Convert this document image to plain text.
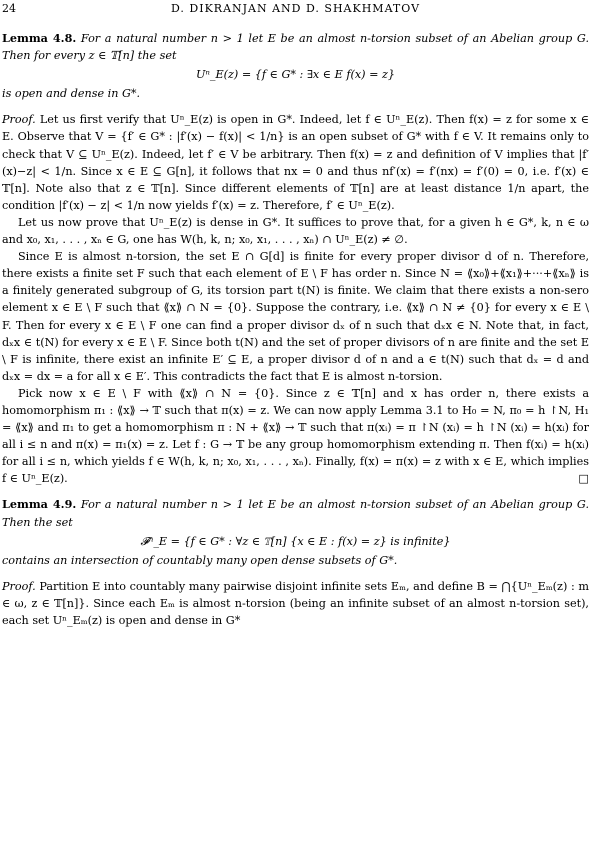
24	D. DIKRANJAN AND D. SHAKHMATOV

Lemma 4.8. For a natural number n > 1 let E be an almost n-torsion subset of an Abelian group G. Then for every z ∈ 𝕋[n] the set

Uⁿ_E(z) = {f ∈ G* : ∃x ∈ E f(x) = z}

is open and dense in G*.

Proof. Let us first verify that Uⁿ_E(z) is open in G*. Indeed, let f ∈ Uⁿ_E(z). Then f(x) = z for some x ∈ E. Observe that V = {f′ ∈ G* : |f′(x) − f(x)| < 1/n} is an open subset of G* with f ∈ V. It remains only to check that V ⊆ Uⁿ_E(z). Indeed, let f′ ∈ V be arbitrary. Then f(x) = z and definition of V implies that |f′(x)−z| < 1/n. Since x ∈ E ⊆ G[n], it follows that nx = 0 and thus nf′(x) = f′(nx) = f′(0) = 0, i.e. f′(x) ∈ 𝕋[n]. Note also that z ∈ 𝕋[n]. Since different elements of 𝕋[n] are at least distance 1/n apart, the condition |f′(x) − z| < 1/n now yields f′(x) = z. Therefore, f′ ∈ Uⁿ_E(z).

Let us now prove that Uⁿ_E(z) is dense in G*. It suffices to prove that, for a given h ∈ G*, k, n ∈ ω and x₀, x₁, . . . , xₙ ∈ G, one has W(h, k, n; x₀, x₁, . . . , xₙ) ∩ Uⁿ_E(z) ≠ ∅.

Since E is almost n-torsion, the set E ∩ G[d] is finite for every proper divisor d of n. Therefore, there exists a finite set F such that each element of E \ F has order n. Since N = ⟪x₀⟫+⟪x₁⟫+···+⟪xₙ⟫ is a finitely generated subgroup of G, its torsion part t(N) is finite. We claim that there exists a non-sero element x ∈ E \ F such that ⟪x⟫ ∩ N = {0}. Suppose the contrary, i.e. ⟪x⟫ ∩ N ≠ {0} for every x ∈ E \ F. Then for every x ∈ E \ F one can find a proper divisor dₓ of n such that dₓx ∈ N. Note that, in fact, dₓx ∈ t(N) for every x ∈ E \ F. Since both t(N) and the set of proper divisors of n are finite and the set E \ F is infinite, there exist an infinite E′ ⊆ E, a proper divisor d of n and a ∈ t(N) such that dₓ = d and dₓx = dx = a for all x ∈ E′. This contradicts the fact that E is almost n-torsion.

Pick now x ∈ E \ F with ⟪x⟫ ∩ N = {0}. Since z ∈ 𝕋[n] and x has order n, there exists a homomorphism π₁ : ⟪x⟫ → 𝕋 such that π(x) = z. We can now apply Lemma 3.1 to H₀ = N, π₀ = h ↾N, H₁ = ⟪x⟫ and π₁ to get a homomorphism π : N + ⟪x⟫ → 𝕋 such that π(xᵢ) = π ↾N (xᵢ) = h ↾N (xᵢ) = h(xᵢ) for all i ≤ n and π(x) = π₁(x) = z. Let f : G → 𝕋 be any group homomorphism extending π. Then f(xᵢ) = h(xᵢ) for all i ≤ n, which yields f ∈ W(h, k, n; x₀, x₁, . . . , xₙ). Finally, f(x) = π(x) = z with x ∈ E, which implies f ∈ Uⁿ_E(z).	□

Lemma 4.9. For a natural number n > 1 let E be an almost n-torsion subset of an Abelian group G. Then the set

𝓕ⁿ_E = {f ∈ G* : ∀z ∈ 𝕋[n] {x ∈ E : f(x) = z} is infinite}

contains an intersection of countably many open dense subsets of G*.

Proof. Partition E into countably many pairwise disjoint infinite sets Eₘ, and define B = ⋂{Uⁿ_Eₘ(z) : m ∈ ω, z ∈ 𝕋[n]}. Since each Eₘ is almost n-torsion (being an infinite subset of an almost n-torsion set), each set Uⁿ_Eₘ(z) is open and dense in G*
